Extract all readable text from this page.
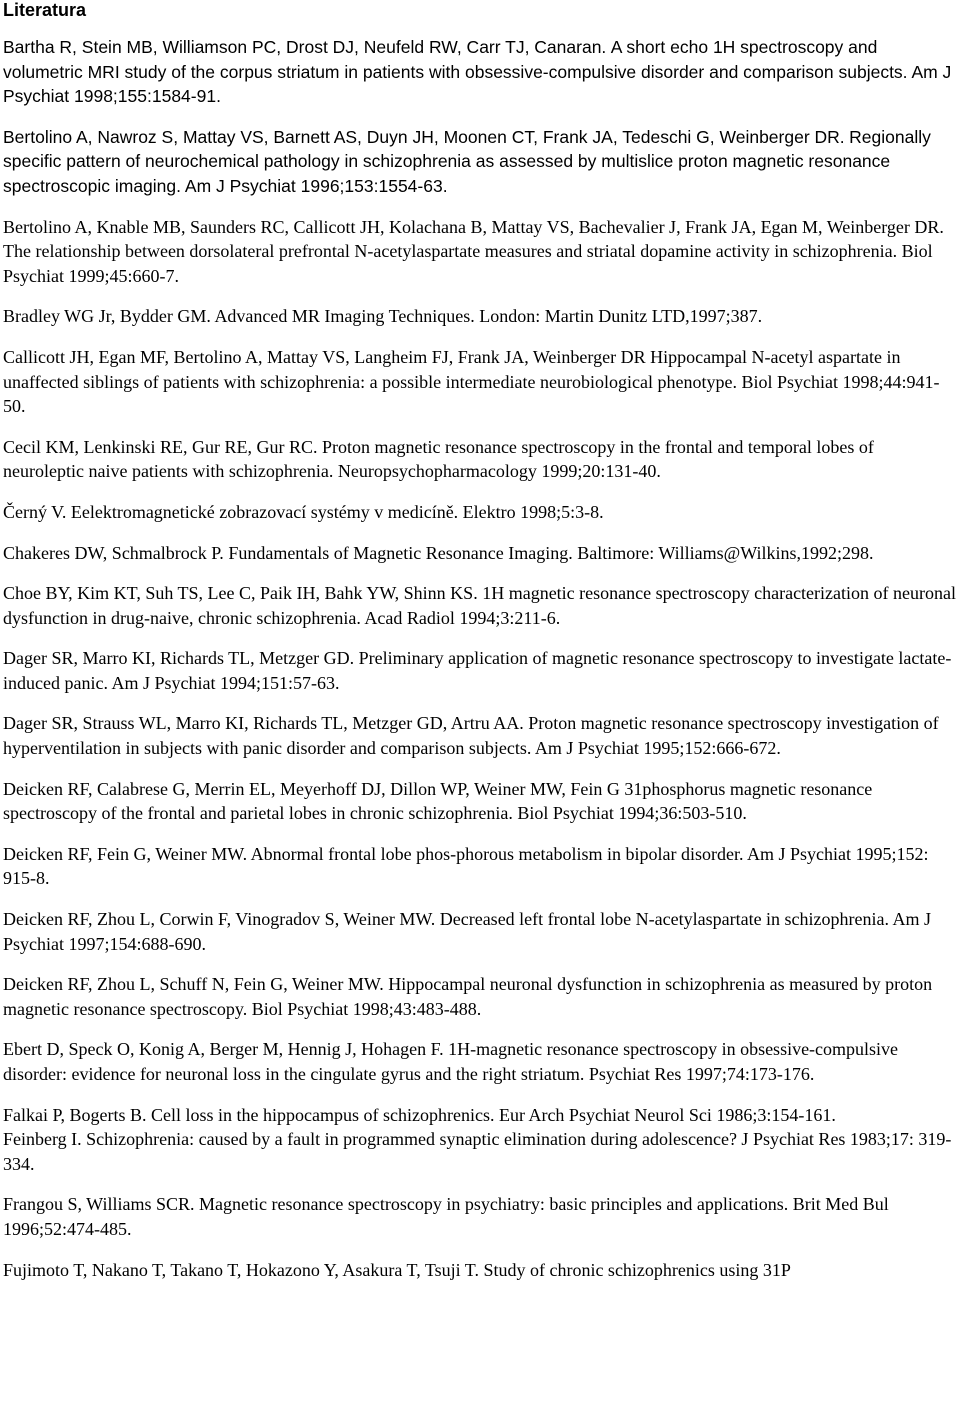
Literatura

Bartha R, Stein MB, Williamson PC, Drost DJ, Neufeld RW, Carr TJ, Canaran. A short echo 1H spectroscopy and volumetric MRI study of the corpus striatum in patients with obsessive-compulsive disorder and comparison subjects. Am J Psychiat 1998;155:1584-91.

Bertolino A, Nawroz S, Mattay VS, Barnett AS, Duyn JH, Moonen CT, Frank JA, Tedeschi G, Weinberger DR. Regionally specific pattern of neurochemical pathology in schizophrenia as assessed by multislice proton magnetic resonance spectroscopic imaging. Am J Psychiat 1996;153:1554-63.

Bertolino A, Knable MB, Saunders RC, Callicott JH, Kolachana B, Mattay VS, Bachevalier J, Frank JA, Egan M, Weinberger DR. The relationship between dorsolateral prefrontal N-acetylaspartate measures and striatal dopamine activity in schizophrenia. Biol Psychiat 1999;45:660-7.

Bradley WG Jr, Bydder GM. Advanced MR Imaging Techniques. London: Martin Dunitz LTD,1997;387.

Callicott JH, Egan MF, Bertolino A, Mattay VS, Langheim FJ, Frank JA, Weinberger DR Hippocampal N-acetyl aspartate in unaffected siblings of patients with schizophrenia: a possible intermediate neurobiological phenotype. Biol Psychiat 1998;44:941-50.

Cecil KM, Lenkinski RE, Gur RE, Gur RC. Proton magnetic resonance spectroscopy in the frontal and temporal lobes of neuroleptic naive patients with schizophrenia. Neuropsychopharmacology 1999;20:131-40.

Černý V. Eelektromagnetické zobrazovací systémy v medicíně. Elektro 1998;5:3-8.

Chakeres DW, Schmalbrock P. Fundamentals of Magnetic Resonance Imaging. Baltimore: Williams@Wilkins,1992;298.

Choe BY, Kim KT, Suh TS, Lee C, Paik IH, Bahk YW, Shinn KS. 1H magnetic resonance spectroscopy characterization of neuronal dysfunction in drug-naive, chronic schizophrenia. Acad Radiol 1994;3:211-6.

Dager SR, Marro KI, Richards TL, Metzger GD. Preliminary application of magnetic resonance spectroscopy to investigate lactate-induced panic. Am J Psychiat 1994;151:57-63.

Dager SR, Strauss WL, Marro KI, Richards TL, Metzger GD, Artru AA. Proton magnetic resonance spectroscopy investigation of hyperventilation in subjects with panic disorder and comparison subjects. Am J Psychiat 1995;152:666-672.

Deicken RF, Calabrese G, Merrin EL, Meyerhoff DJ, Dillon WP, Weiner MW, Fein G 31phosphorus magnetic resonance spectroscopy of the frontal and parietal lobes in chronic schizophrenia. Biol Psychiat 1994;36:503-510.

Deicken RF, Fein G, Weiner MW. Abnormal frontal lobe phos-phorous metabolism in bipolar disorder. Am J Psychiat 1995;152: 915-8.

Deicken RF, Zhou L, Corwin F, Vinogradov S, Weiner MW. Decreased left frontal lobe N-acetylaspartate in schizophrenia. Am J Psychiat 1997;154:688-690.

Deicken RF, Zhou L, Schuff N, Fein G, Weiner MW. Hippocampal neuronal dysfunction in schizophrenia as measured by proton magnetic resonance spectroscopy. Biol Psychiat 1998;43:483-488.

Ebert D, Speck O, Konig A, Berger M, Hennig J, Hohagen F. 1H-magnetic resonance spectroscopy in obsessive-compulsive disorder: evidence for neuronal loss in the cingulate gyrus and the right striatum. Psychiat Res 1997;74:173-176.

Falkai P, Bogerts B. Cell loss in the hippocampus of schizophrenics. Eur Arch Psychiat Neurol Sci 1986;3:154-161.

Feinberg I. Schizophrenia: caused by a fault in programmed synaptic elimination during adolescence? J Psychiat Res 1983;17: 319-334.

Frangou S, Williams SCR. Magnetic resonance spectroscopy in psychiatry: basic principles and applications. Brit Med Bul 1996;52:474-485.

Fujimoto T, Nakano T, Takano T, Hokazono Y, Asakura T, Tsuji T. Study of chronic schizophrenics using 31P
